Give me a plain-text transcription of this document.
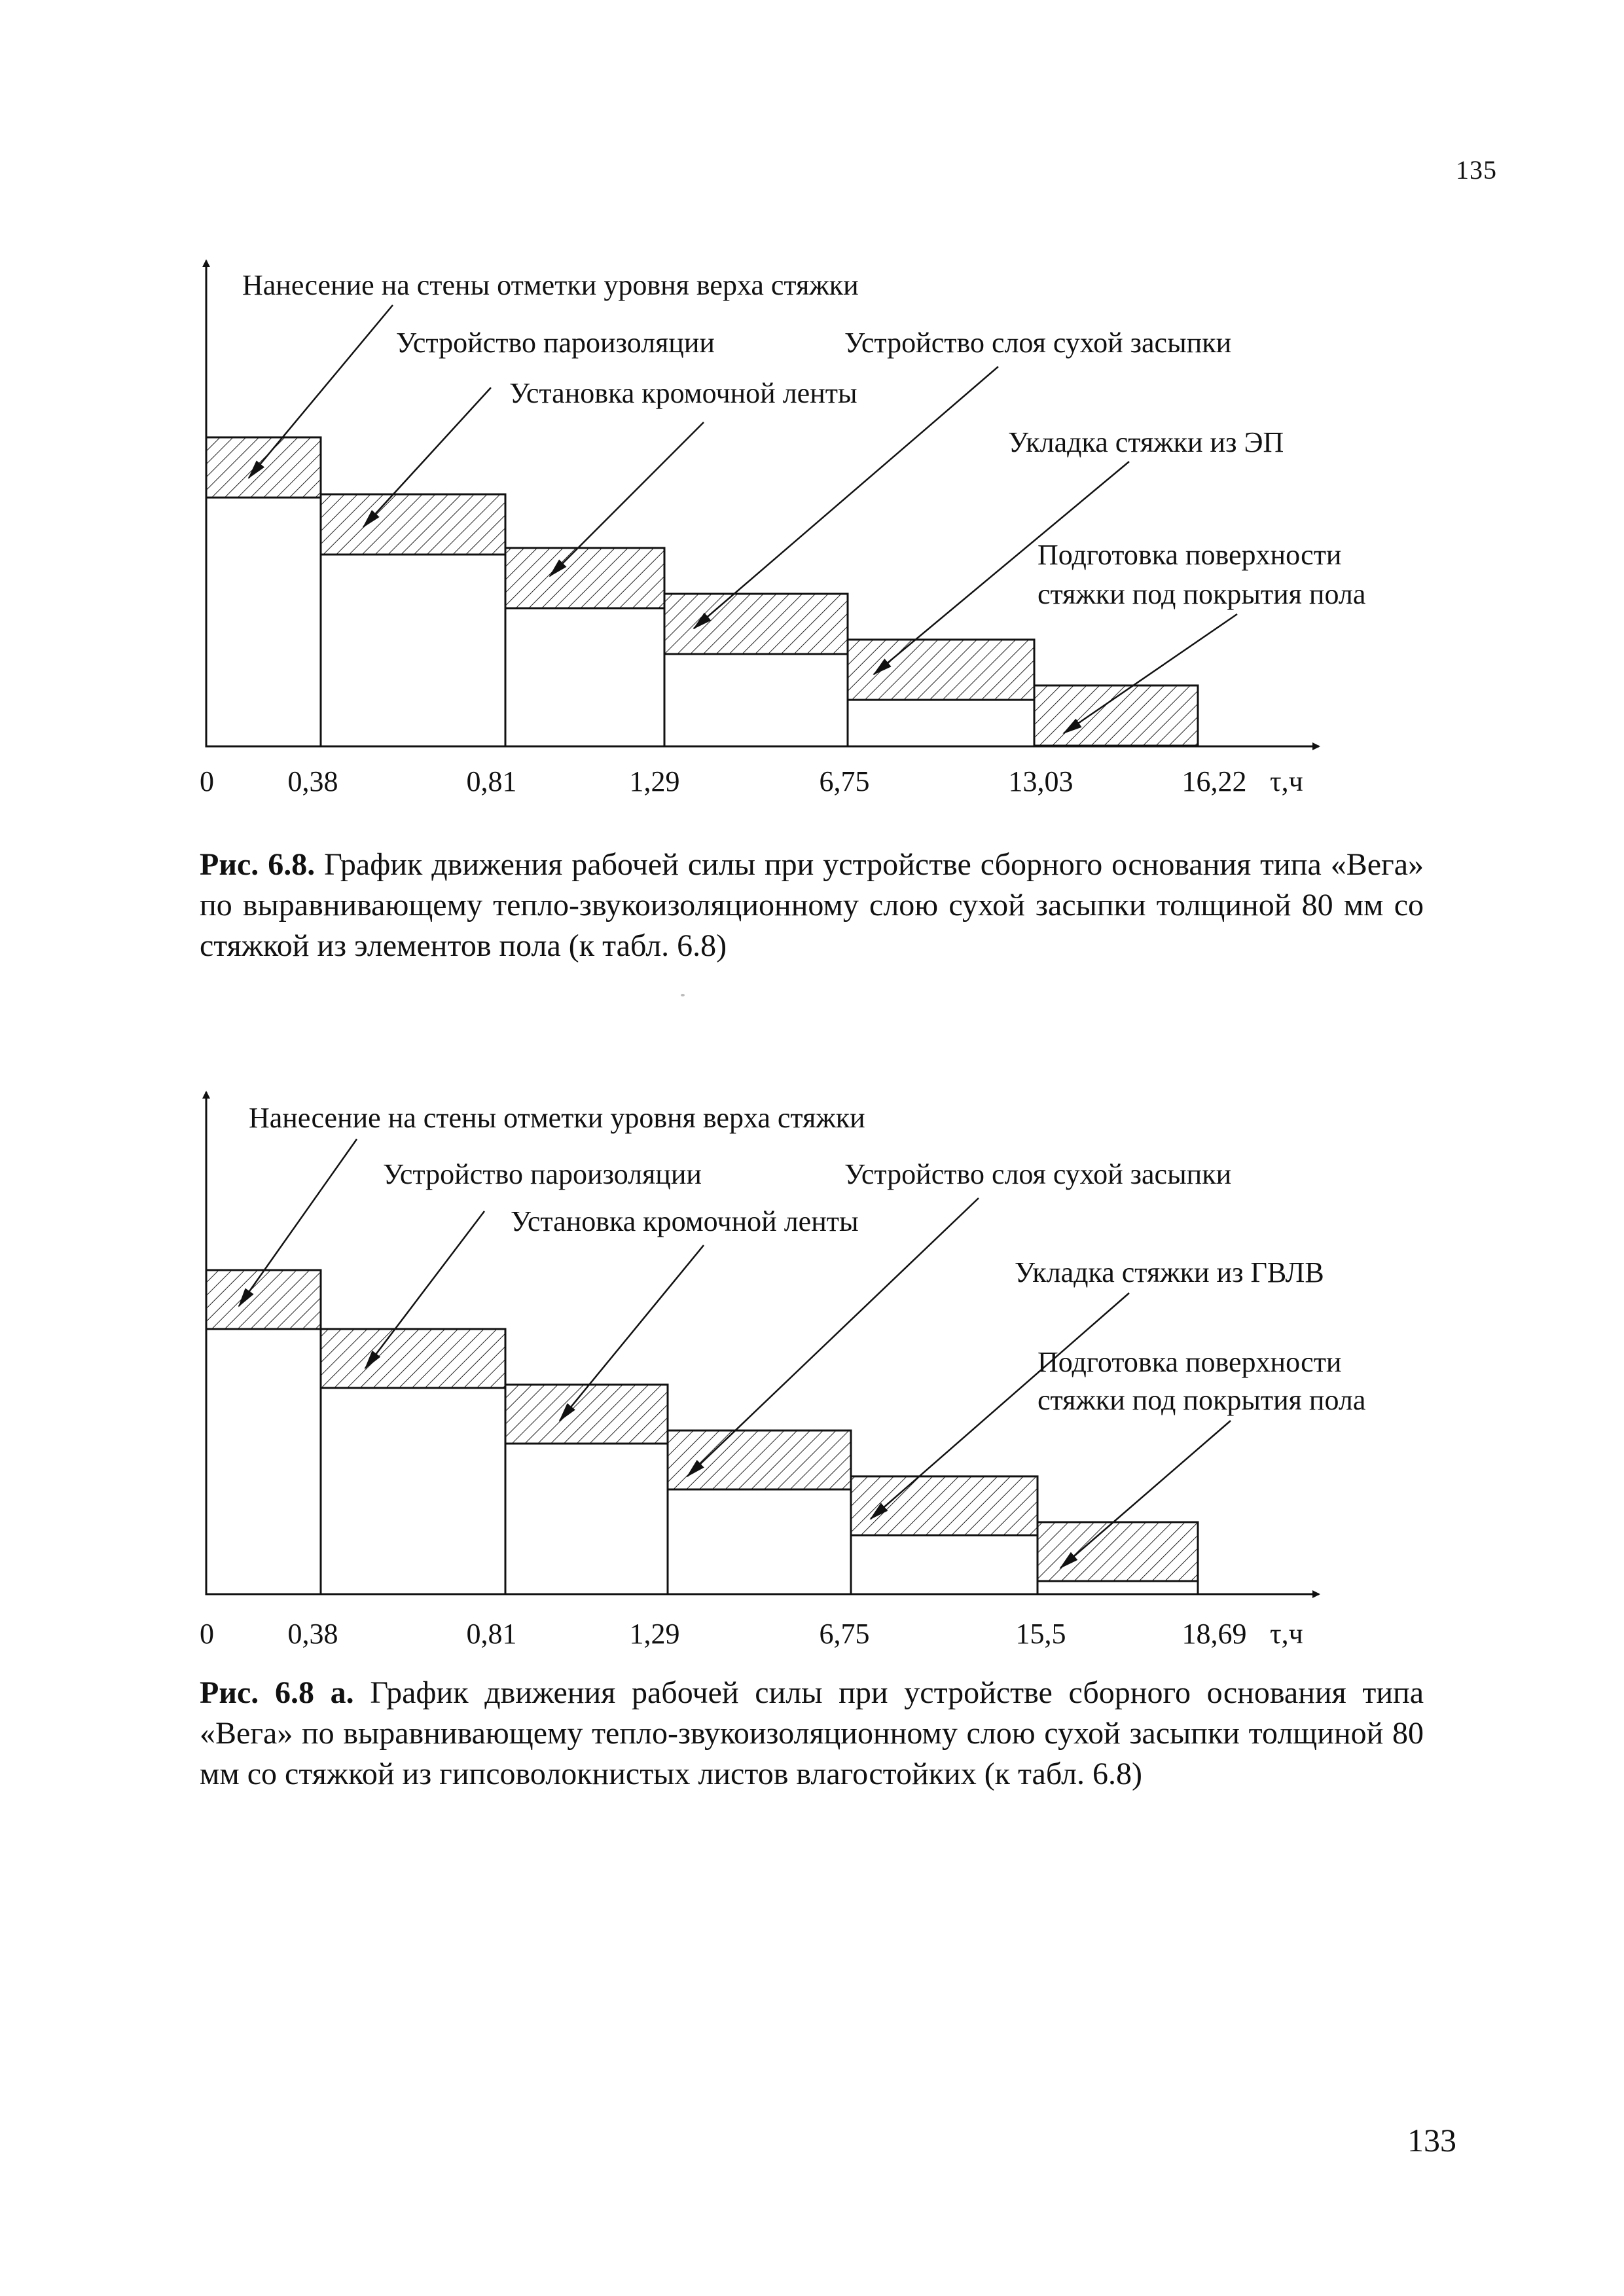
135
0	0,38	0,81	1,29	6,75	13,03	16,22 τ,ч
Нанесение на стены отметки уровня верха стяжки
Устройство пароизоляции
Установка кромочной ленты
Устройство слоя сухой засыпки
Укладка стяжки из ЭП
Подготовка поверхности
стяжки под покрытия пола
Рис. 6.8. График движения рабочей силы при устройстве сборного основания типа «Вега» по выравнивающему тепло-звукоизоляционному слою сухой засыпки толщиной 80 мм со стяжкой из элементов пола (к табл. 6.8)
0	0,38	0,81	1,29	6,75	15,5	18,69 τ,ч
Нанесение на стены отметки уровня верха стяжки
Устройство пароизоляции
Установка кромочной ленты
Устройство слоя сухой засыпки
Укладка стяжки из ГВЛВ
Подготовка поверхности
стяжки под покрытия пола
Рис. 6.8 а. График движения рабочей силы при устройстве сборного основания типа «Вега» по выравнивающему тепло-звукоизоляционному слою сухой засыпки толщиной 80 мм со стяжкой из гипсоволокнистых листов влагостойких (к табл. 6.8)
133
